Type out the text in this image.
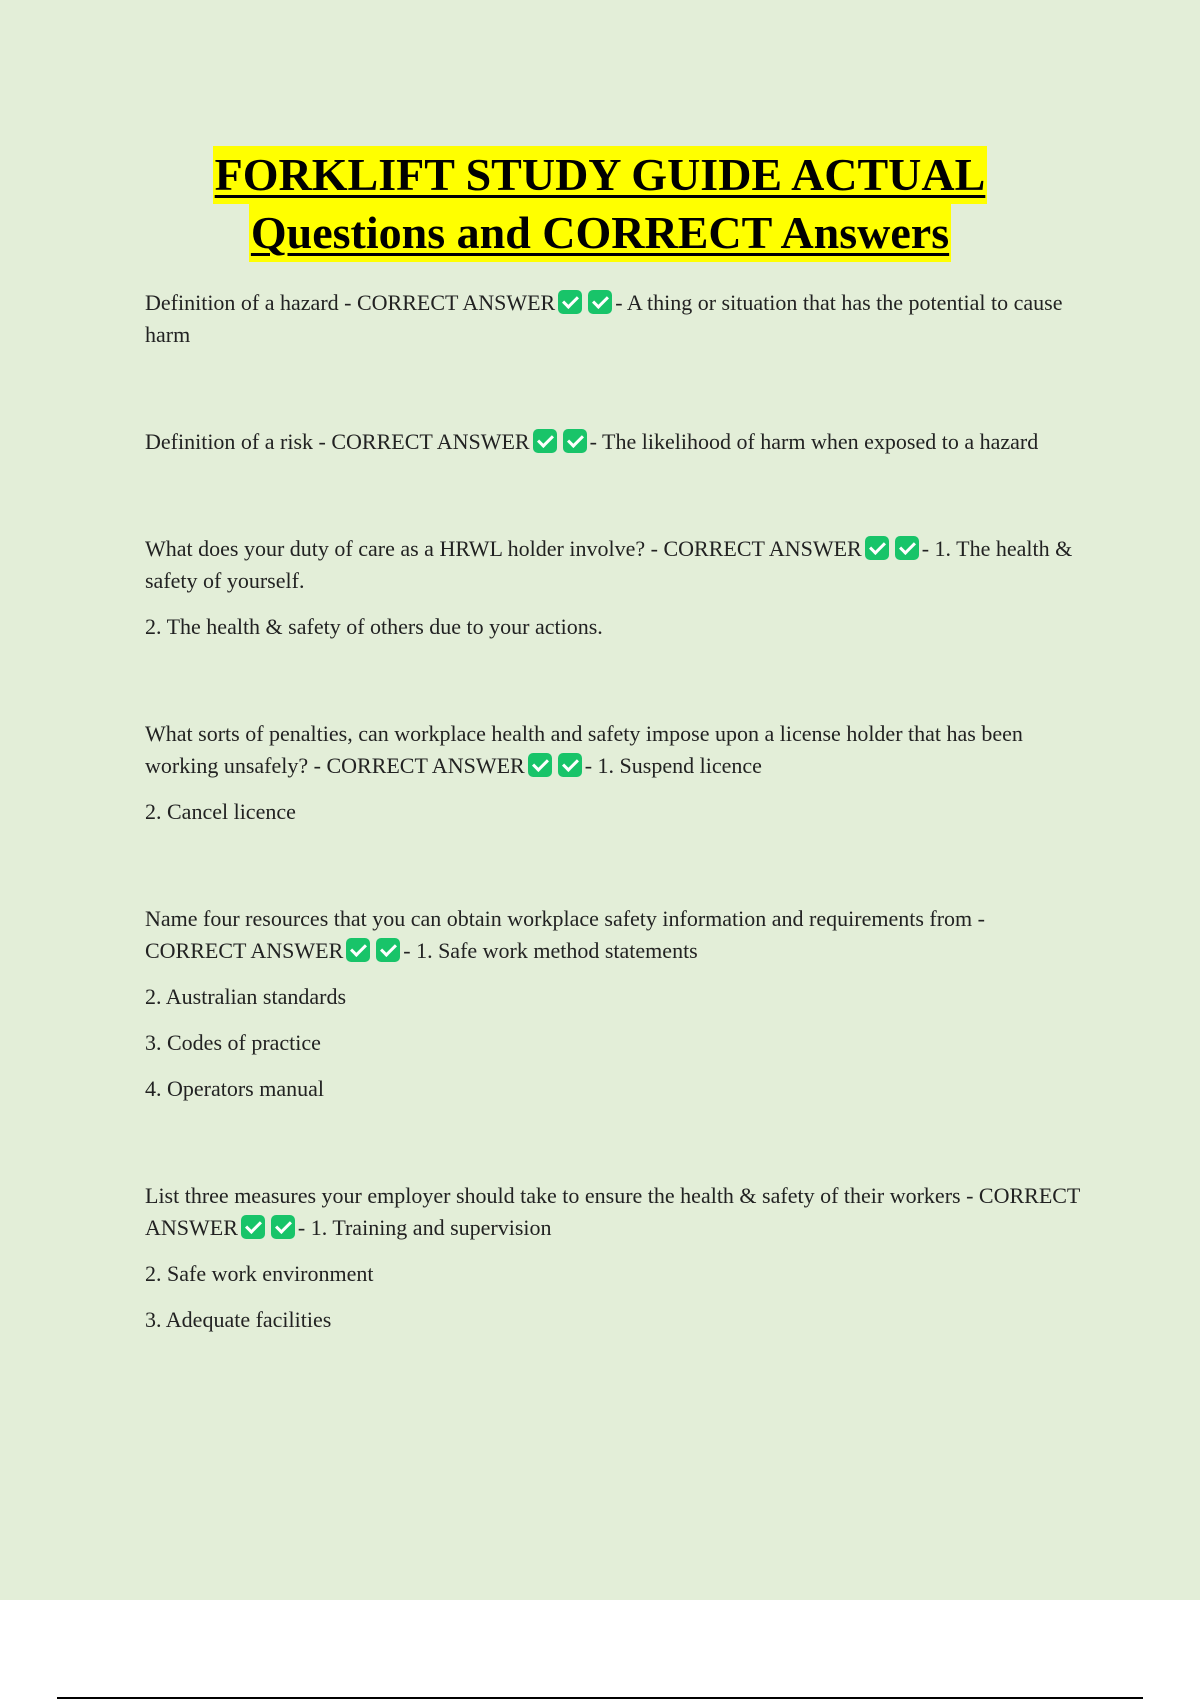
FORKLIFT STUDY GUIDE ACTUAL
Questions and CORRECT Answers

Definition of a hazard - CORRECT ANSWER	- A thing or situation that has the potential to cause harm

Definition of a risk - CORRECT ANSWER	- The likelihood of harm when exposed to a hazard

What does your duty of care as a HRWL holder involve? - CORRECT ANSWER	- 1. The health & safety of yourself.

2. The health & safety of others due to your actions.

What sorts of penalties, can workplace health and safety impose upon a license holder that has been working unsafely? - CORRECT ANSWER	- 1. Suspend licence

2. Cancel licence

Name four resources that you can obtain workplace safety information and requirements from - CORRECT ANSWER	- 1. Safe work method statements

2. Australian standards

3. Codes of practice

4. Operators manual

List three measures your employer should take to ensure the health & safety of their workers - CORRECT ANSWER	- 1. Training and supervision

2. Safe work environment

3. Adequate facilities
